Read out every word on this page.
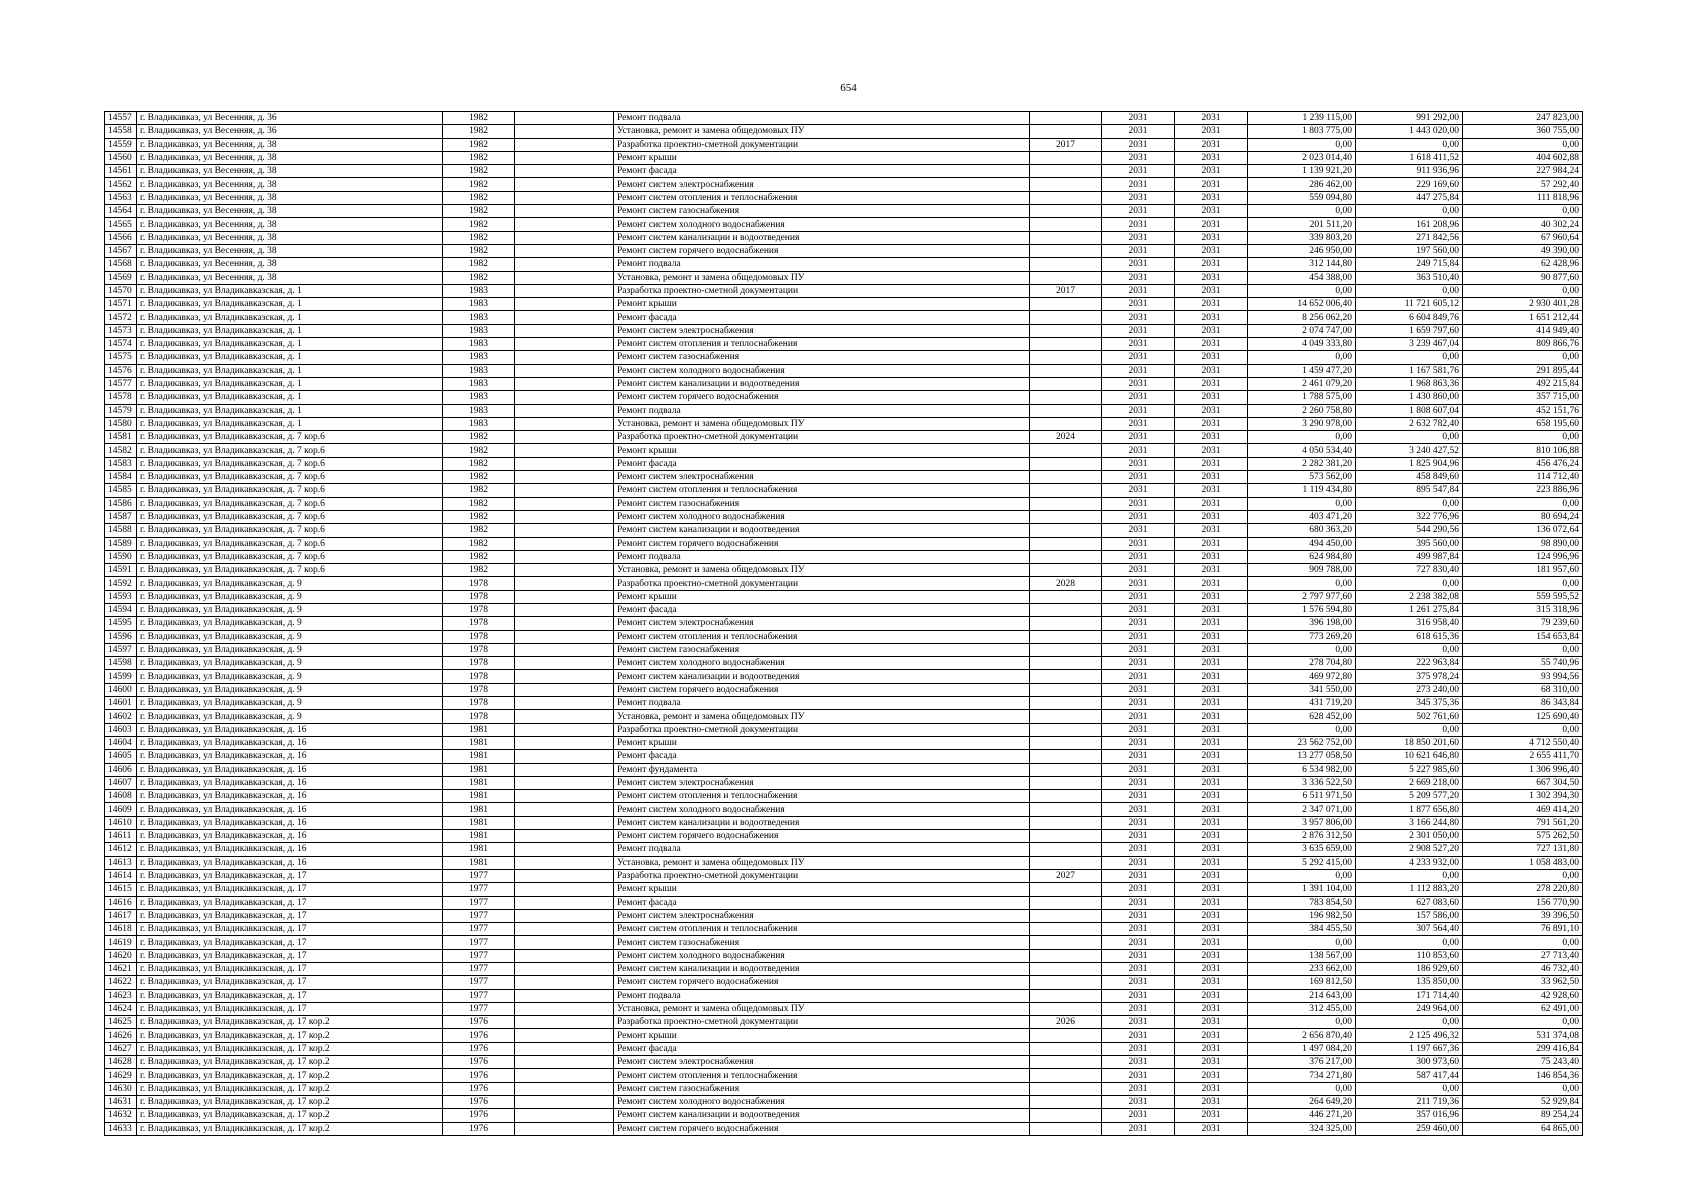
654
14557	г. Владикавказ, ул Весенняя, д. 36	1982		Ремонт подвала		2031	2031	1 239 115,00	991 292,00	247 823,00
14558	г. Владикавказ, ул Весенняя, д. 36	1982		Установка, ремонт и замена общедомовых ПУ		2031	2031	1 803 775,00	1 443 020,00	360 755,00
14559	г. Владикавказ, ул Весенняя, д. 38	1982		Разработка проектно-сметной документации	2017	2031	2031	0,00	0,00	0,00
14560	г. Владикавказ, ул Весенняя, д. 38	1982		Ремонт крыши		2031	2031	2 023 014,40	1 618 411,52	404 602,88
14561	г. Владикавказ, ул Весенняя, д. 38	1982		Ремонт фасада		2031	2031	1 139 921,20	911 936,96	227 984,24
14562	г. Владикавказ, ул Весенняя, д. 38	1982		Ремонт систем электроснабжения		2031	2031	286 462,00	229 169,60	57 292,40
14563	г. Владикавказ, ул Весенняя, д. 38	1982		Ремонт систем отопления и теплоснабжения		2031	2031	559 094,80	447 275,84	111 818,96
14564	г. Владикавказ, ул Весенняя, д. 38	1982		Ремонт систем газоснабжения		2031	2031	0,00	0,00	0,00
14565	г. Владикавказ, ул Весенняя, д. 38	1982		Ремонт систем холодного водоснабжения		2031	2031	201 511,20	161 208,96	40 302,24
14566	г. Владикавказ, ул Весенняя, д. 38	1982		Ремонт систем канализации и водоотведения		2031	2031	339 803,20	271 842,56	67 960,64
14567	г. Владикавказ, ул Весенняя, д. 38	1982		Ремонт систем горячего водоснабжения		2031	2031	246 950,00	197 560,00	49 390,00
14568	г. Владикавказ, ул Весенняя, д. 38	1982		Ремонт подвала		2031	2031	312 144,80	249 715,84	62 428,96
14569	г. Владикавказ, ул Весенняя, д. 38	1982		Установка, ремонт и замена общедомовых ПУ		2031	2031	454 388,00	363 510,40	90 877,60
14570	г. Владикавказ, ул Владикавказская, д. 1	1983		Разработка проектно-сметной документации	2017	2031	2031	0,00	0,00	0,00
14571	г. Владикавказ, ул Владикавказская, д. 1	1983		Ремонт крыши		2031	2031	14 652 006,40	11 721 605,12	2 930 401,28
14572	г. Владикавказ, ул Владикавказская, д. 1	1983		Ремонт фасада		2031	2031	8 256 062,20	6 604 849,76	1 651 212,44
14573	г. Владикавказ, ул Владикавказская, д. 1	1983		Ремонт систем электроснабжения		2031	2031	2 074 747,00	1 659 797,60	414 949,40
14574	г. Владикавказ, ул Владикавказская, д. 1	1983		Ремонт систем отопления и теплоснабжения		2031	2031	4 049 333,80	3 239 467,04	809 866,76
14575	г. Владикавказ, ул Владикавказская, д. 1	1983		Ремонт систем газоснабжения		2031	2031	0,00	0,00	0,00
14576	г. Владикавказ, ул Владикавказская, д. 1	1983		Ремонт систем холодного водоснабжения		2031	2031	1 459 477,20	1 167 581,76	291 895,44
14577	г. Владикавказ, ул Владикавказская, д. 1	1983		Ремонт систем канализации и водоотведения		2031	2031	2 461 079,20	1 968 863,36	492 215,84
14578	г. Владикавказ, ул Владикавказская, д. 1	1983		Ремонт систем горячего водоснабжения		2031	2031	1 788 575,00	1 430 860,00	357 715,00
14579	г. Владикавказ, ул Владикавказская, д. 1	1983		Ремонт подвала		2031	2031	2 260 758,80	1 808 607,04	452 151,76
14580	г. Владикавказ, ул Владикавказская, д. 1	1983		Установка, ремонт и замена общедомовых ПУ		2031	2031	3 290 978,00	2 632 782,40	658 195,60
14581	г. Владикавказ, ул Владикавказская, д. 7 кор.6	1982		Разработка проектно-сметной документации	2024	2031	2031	0,00	0,00	0,00
14582	г. Владикавказ, ул Владикавказская, д. 7 кор.6	1982		Ремонт крыши		2031	2031	4 050 534,40	3 240 427,52	810 106,88
14583	г. Владикавказ, ул Владикавказская, д. 7 кор.6	1982		Ремонт фасада		2031	2031	2 282 381,20	1 825 904,96	456 476,24
14584	г. Владикавказ, ул Владикавказская, д. 7 кор.6	1982		Ремонт систем электроснабжения		2031	2031	573 562,00	458 849,60	114 712,40
14585	г. Владикавказ, ул Владикавказская, д. 7 кор.6	1982		Ремонт систем отопления и теплоснабжения		2031	2031	1 119 434,80	895 547,84	223 886,96
14586	г. Владикавказ, ул Владикавказская, д. 7 кор.6	1982		Ремонт систем газоснабжения		2031	2031	0,00	0,00	0,00
14587	г. Владикавказ, ул Владикавказская, д. 7 кор.6	1982		Ремонт систем холодного водоснабжения		2031	2031	403 471,20	322 776,96	80 694,24
14588	г. Владикавказ, ул Владикавказская, д. 7 кор.6	1982		Ремонт систем канализации и водоотведения		2031	2031	680 363,20	544 290,56	136 072,64
14589	г. Владикавказ, ул Владикавказская, д. 7 кор.6	1982		Ремонт систем горячего водоснабжения		2031	2031	494 450,00	395 560,00	98 890,00
14590	г. Владикавказ, ул Владикавказская, д. 7 кор.6	1982		Ремонт подвала		2031	2031	624 984,80	499 987,84	124 996,96
14591	г. Владикавказ, ул Владикавказская, д. 7 кор.6	1982		Установка, ремонт и замена общедомовых ПУ		2031	2031	909 788,00	727 830,40	181 957,60
14592	г. Владикавказ, ул Владикавказская, д. 9	1978		Разработка проектно-сметной документации	2028	2031	2031	0,00	0,00	0,00
14593	г. Владикавказ, ул Владикавказская, д. 9	1978		Ремонт крыши		2031	2031	2 797 977,60	2 238 382,08	559 595,52
14594	г. Владикавказ, ул Владикавказская, д. 9	1978		Ремонт фасада		2031	2031	1 576 594,80	1 261 275,84	315 318,96
14595	г. Владикавказ, ул Владикавказская, д. 9	1978		Ремонт систем электроснабжения		2031	2031	396 198,00	316 958,40	79 239,60
14596	г. Владикавказ, ул Владикавказская, д. 9	1978		Ремонт систем отопления и теплоснабжения		2031	2031	773 269,20	618 615,36	154 653,84
14597	г. Владикавказ, ул Владикавказская, д. 9	1978		Ремонт систем газоснабжения		2031	2031	0,00	0,00	0,00
14598	г. Владикавказ, ул Владикавказская, д. 9	1978		Ремонт систем холодного водоснабжения		2031	2031	278 704,80	222 963,84	55 740,96
14599	г. Владикавказ, ул Владикавказская, д. 9	1978		Ремонт систем канализации и водоотведения		2031	2031	469 972,80	375 978,24	93 994,56
14600	г. Владикавказ, ул Владикавказская, д. 9	1978		Ремонт систем горячего водоснабжения		2031	2031	341 550,00	273 240,00	68 310,00
14601	г. Владикавказ, ул Владикавказская, д. 9	1978		Ремонт подвала		2031	2031	431 719,20	345 375,36	86 343,84
14602	г. Владикавказ, ул Владикавказская, д. 9	1978		Установка, ремонт и замена общедомовых ПУ		2031	2031	628 452,00	502 761,60	125 690,40
14603	г. Владикавказ, ул Владикавказская, д. 16	1981		Разработка проектно-сметной документации		2031	2031	0,00	0,00	0,00
14604	г. Владикавказ, ул Владикавказская, д. 16	1981		Ремонт крыши		2031	2031	23 562 752,00	18 850 201,60	4 712 550,40
14605	г. Владикавказ, ул Владикавказская, д. 16	1981		Ремонт фасада		2031	2031	13 277 058,50	10 621 646,80	2 655 411,70
14606	г. Владикавказ, ул Владикавказская, д. 16	1981		Ремонт фундамента		2031	2031	6 534 982,00	5 227 985,60	1 306 996,40
14607	г. Владикавказ, ул Владикавказская, д. 16	1981		Ремонт систем электроснабжения		2031	2031	3 336 522,50	2 669 218,00	667 304,50
14608	г. Владикавказ, ул Владикавказская, д. 16	1981		Ремонт систем отопления и теплоснабжения		2031	2031	6 511 971,50	5 209 577,20	1 302 394,30
14609	г. Владикавказ, ул Владикавказская, д. 16	1981		Ремонт систем холодного водоснабжения		2031	2031	2 347 071,00	1 877 656,80	469 414,20
14610	г. Владикавказ, ул Владикавказская, д. 16	1981		Ремонт систем канализации и водоотведения		2031	2031	3 957 806,00	3 166 244,80	791 561,20
14611	г. Владикавказ, ул Владикавказская, д. 16	1981		Ремонт систем горячего водоснабжения		2031	2031	2 876 312,50	2 301 050,00	575 262,50
14612	г. Владикавказ, ул Владикавказская, д. 16	1981		Ремонт подвала		2031	2031	3 635 659,00	2 908 527,20	727 131,80
14613	г. Владикавказ, ул Владикавказская, д. 16	1981		Установка, ремонт и замена общедомовых ПУ		2031	2031	5 292 415,00	4 233 932,00	1 058 483,00
14614	г. Владикавказ, ул Владикавказская, д. 17	1977		Разработка проектно-сметной документации	2027	2031	2031	0,00	0,00	0,00
14615	г. Владикавказ, ул Владикавказская, д. 17	1977		Ремонт крыши		2031	2031	1 391 104,00	1 112 883,20	278 220,80
14616	г. Владикавказ, ул Владикавказская, д. 17	1977		Ремонт фасада		2031	2031	783 854,50	627 083,60	156 770,90
14617	г. Владикавказ, ул Владикавказская, д. 17	1977		Ремонт систем электроснабжения		2031	2031	196 982,50	157 586,00	39 396,50
14618	г. Владикавказ, ул Владикавказская, д. 17	1977		Ремонт систем отопления и теплоснабжения		2031	2031	384 455,50	307 564,40	76 891,10
14619	г. Владикавказ, ул Владикавказская, д. 17	1977		Ремонт систем газоснабжения		2031	2031	0,00	0,00	0,00
14620	г. Владикавказ, ул Владикавказская, д. 17	1977		Ремонт систем холодного водоснабжения		2031	2031	138 567,00	110 853,60	27 713,40
14621	г. Владикавказ, ул Владикавказская, д. 17	1977		Ремонт систем канализации и водоотведения		2031	2031	233 662,00	186 929,60	46 732,40
14622	г. Владикавказ, ул Владикавказская, д. 17	1977		Ремонт систем горячего водоснабжения		2031	2031	169 812,50	135 850,00	33 962,50
14623	г. Владикавказ, ул Владикавказская, д. 17	1977		Ремонт подвала		2031	2031	214 643,00	171 714,40	42 928,60
14624	г. Владикавказ, ул Владикавказская, д. 17	1977		Установка, ремонт и замена общедомовых ПУ		2031	2031	312 455,00	249 964,00	62 491,00
14625	г. Владикавказ, ул Владикавказская, д. 17 кор.2	1976		Разработка проектно-сметной документации	2026	2031	2031	0,00	0,00	0,00
14626	г. Владикавказ, ул Владикавказская, д. 17 кор.2	1976		Ремонт крыши		2031	2031	2 656 870,40	2 125 496,32	531 374,08
14627	г. Владикавказ, ул Владикавказская, д. 17 кор.2	1976		Ремонт фасада		2031	2031	1 497 084,20	1 197 667,36	299 416,84
14628	г. Владикавказ, ул Владикавказская, д. 17 кор.2	1976		Ремонт систем электроснабжения		2031	2031	376 217,00	300 973,60	75 243,40
14629	г. Владикавказ, ул Владикавказская, д. 17 кор.2	1976		Ремонт систем отопления и теплоснабжения		2031	2031	734 271,80	587 417,44	146 854,36
14630	г. Владикавказ, ул Владикавказская, д. 17 кор.2	1976		Ремонт систем газоснабжения		2031	2031	0,00	0,00	0,00
14631	г. Владикавказ, ул Владикавказская, д. 17 кор.2	1976		Ремонт систем холодного водоснабжения		2031	2031	264 649,20	211 719,36	52 929,84
14632	г. Владикавказ, ул Владикавказская, д. 17 кор.2	1976		Ремонт систем канализации и водоотведения		2031	2031	446 271,20	357 016,96	89 254,24
14633	г. Владикавказ, ул Владикавказская, д. 17 кор.2	1976		Ремонт систем горячего водоснабжения		2031	2031	324 325,00	259 460,00	64 865,00
